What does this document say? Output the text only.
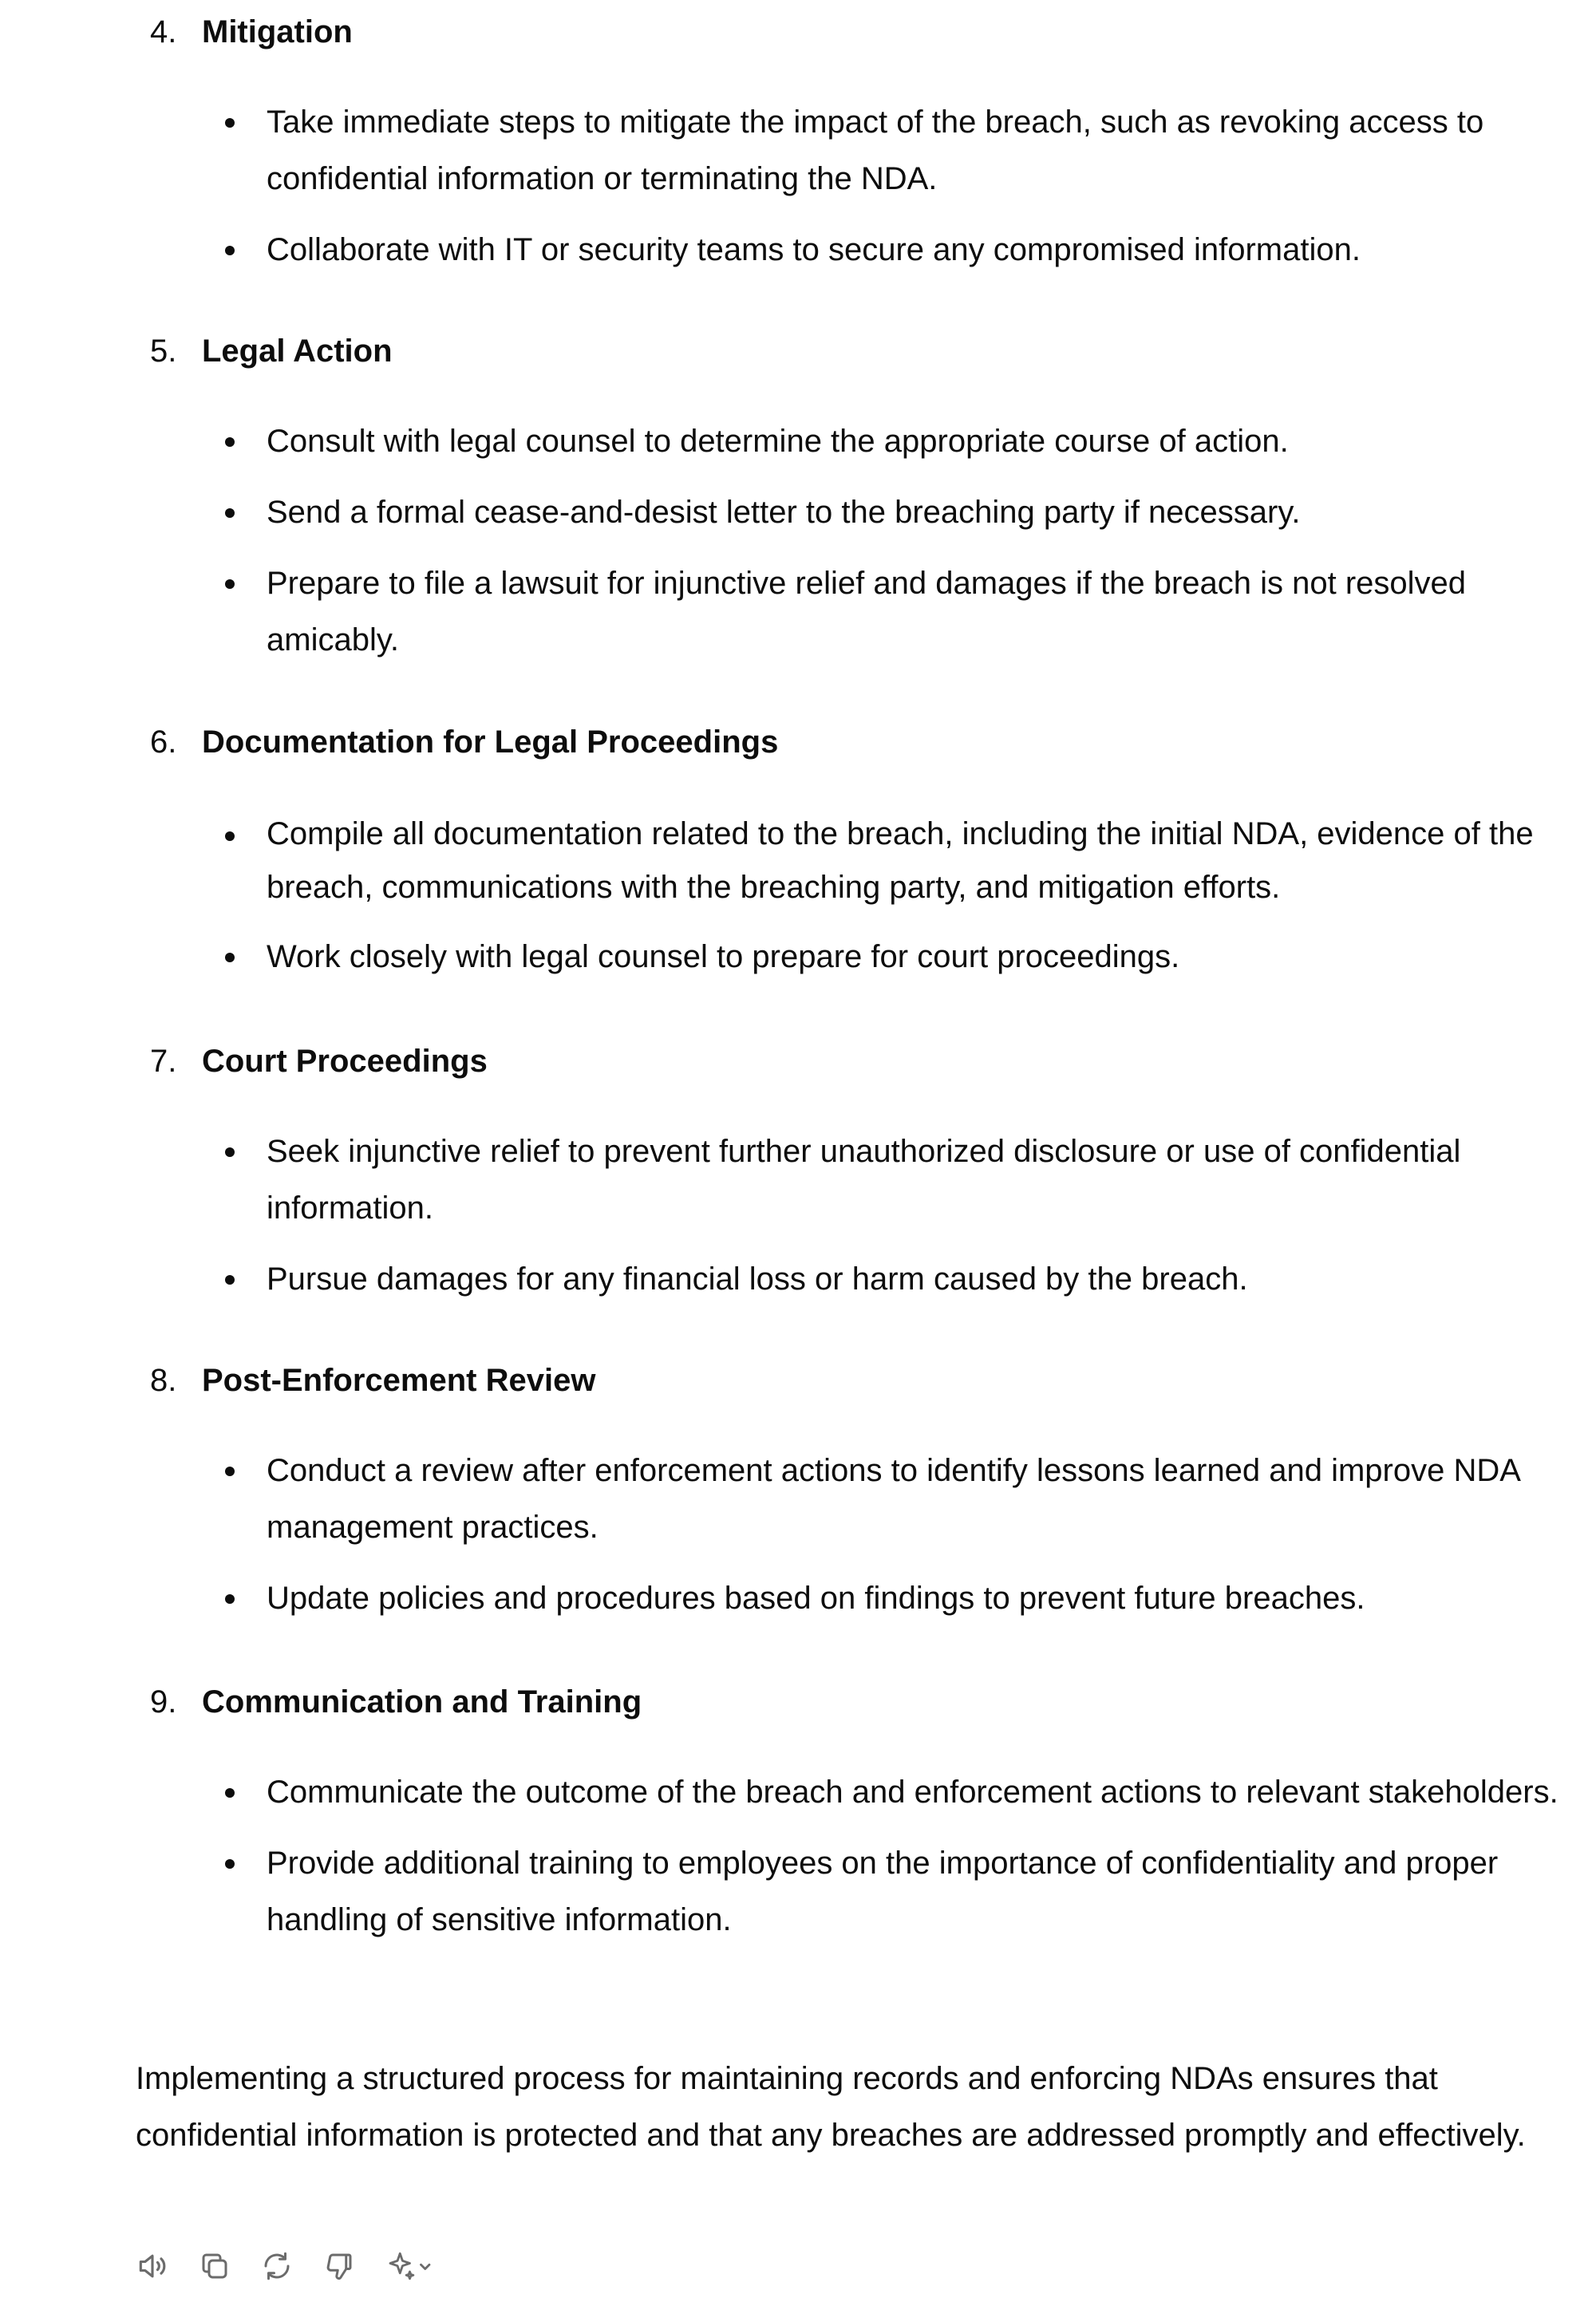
4. Mitigation
Take immediate steps to mitigate the impact of the breach, such as revoking access to confidential information or terminating the NDA.
Collaborate with IT or security teams to secure any compromised information.
5. Legal Action
Consult with legal counsel to determine the appropriate course of action.
Send a formal cease-and-desist letter to the breaching party if necessary.
Prepare to file a lawsuit for injunctive relief and damages if the breach is not resolved amicably.
6. Documentation for Legal Proceedings
Compile all documentation related to the breach, including the initial NDA, evidence of the breach, communications with the breaching party, and mitigation efforts.
Work closely with legal counsel to prepare for court proceedings.
7. Court Proceedings
Seek injunctive relief to prevent further unauthorized disclosure or use of confidential information.
Pursue damages for any financial loss or harm caused by the breach.
8. Post-Enforcement Review
Conduct a review after enforcement actions to identify lessons learned and improve NDA management practices.
Update policies and procedures based on findings to prevent future breaches.
9. Communication and Training
Communicate the outcome of the breach and enforcement actions to relevant stakeholders.
Provide additional training to employees on the importance of confidentiality and proper handling of sensitive information.

Implementing a structured process for maintaining records and enforcing NDAs ensures that confidential information is protected and that any breaches are addressed promptly and effectively.
